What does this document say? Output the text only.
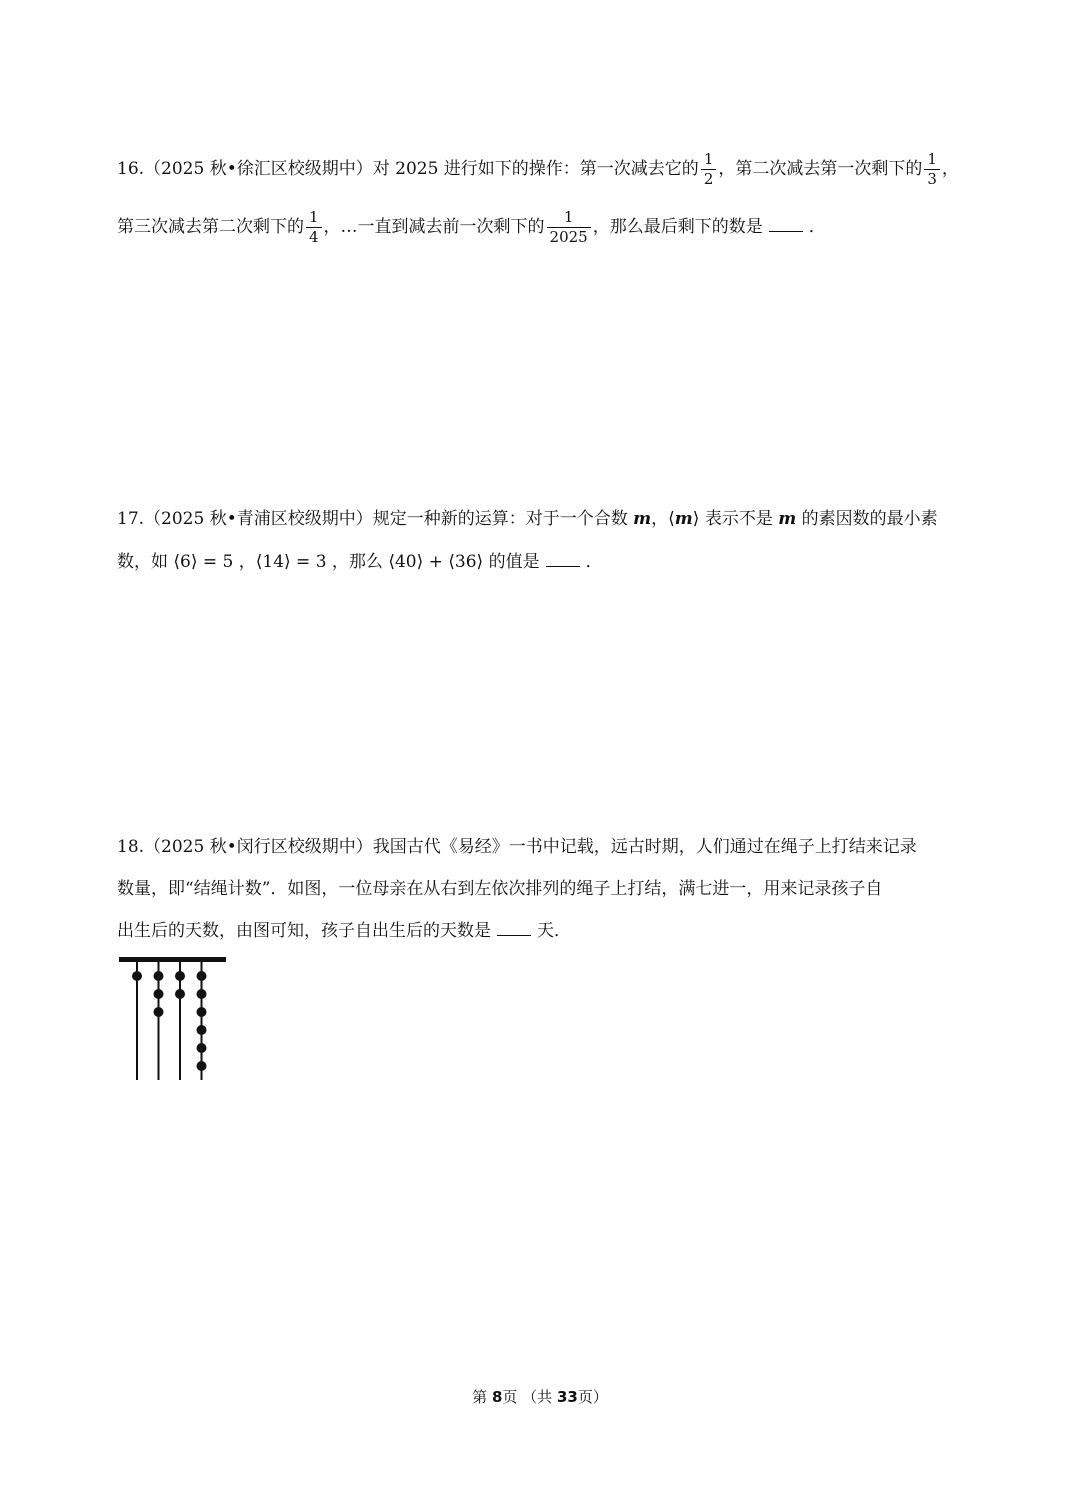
16.（2025 秋•徐汇区校级期中）对 2025 进行如下的操作：第一次减去它的 $\frac{1}{2}$ ，第二次减去第一次剩下的 $\frac{1}{3}$ ，
第三次减去第二次剩下的 $\frac{1}{4}$ ，…一直到减去前一次剩下的 $\frac{1}{2025}$ ，那么最后剩下的数是	．
17.（2025 秋•青浦区校级期中）规定一种新的运算：对于一个合数 m，⟨m⟩ 表示不是 m 的素因数的最小素
数，如 ⟨6⟩ = 5 ，⟨14⟩ = 3 ，那么 ⟨40⟩ + ⟨36⟩ 的值是	．
18.（2025 秋•闵行区校级期中）我国古代《易经》一书中记载，远古时期，人们通过在绳子上打结来记录
数量，即“结绳计数”．如图，一位母亲在从右到左依次排列的绳子上打结，满七进一，用来记录孩子自
出生后的天数，由图可知，孩子自出生后的天数是	天．
第 8页 （共 33页）
